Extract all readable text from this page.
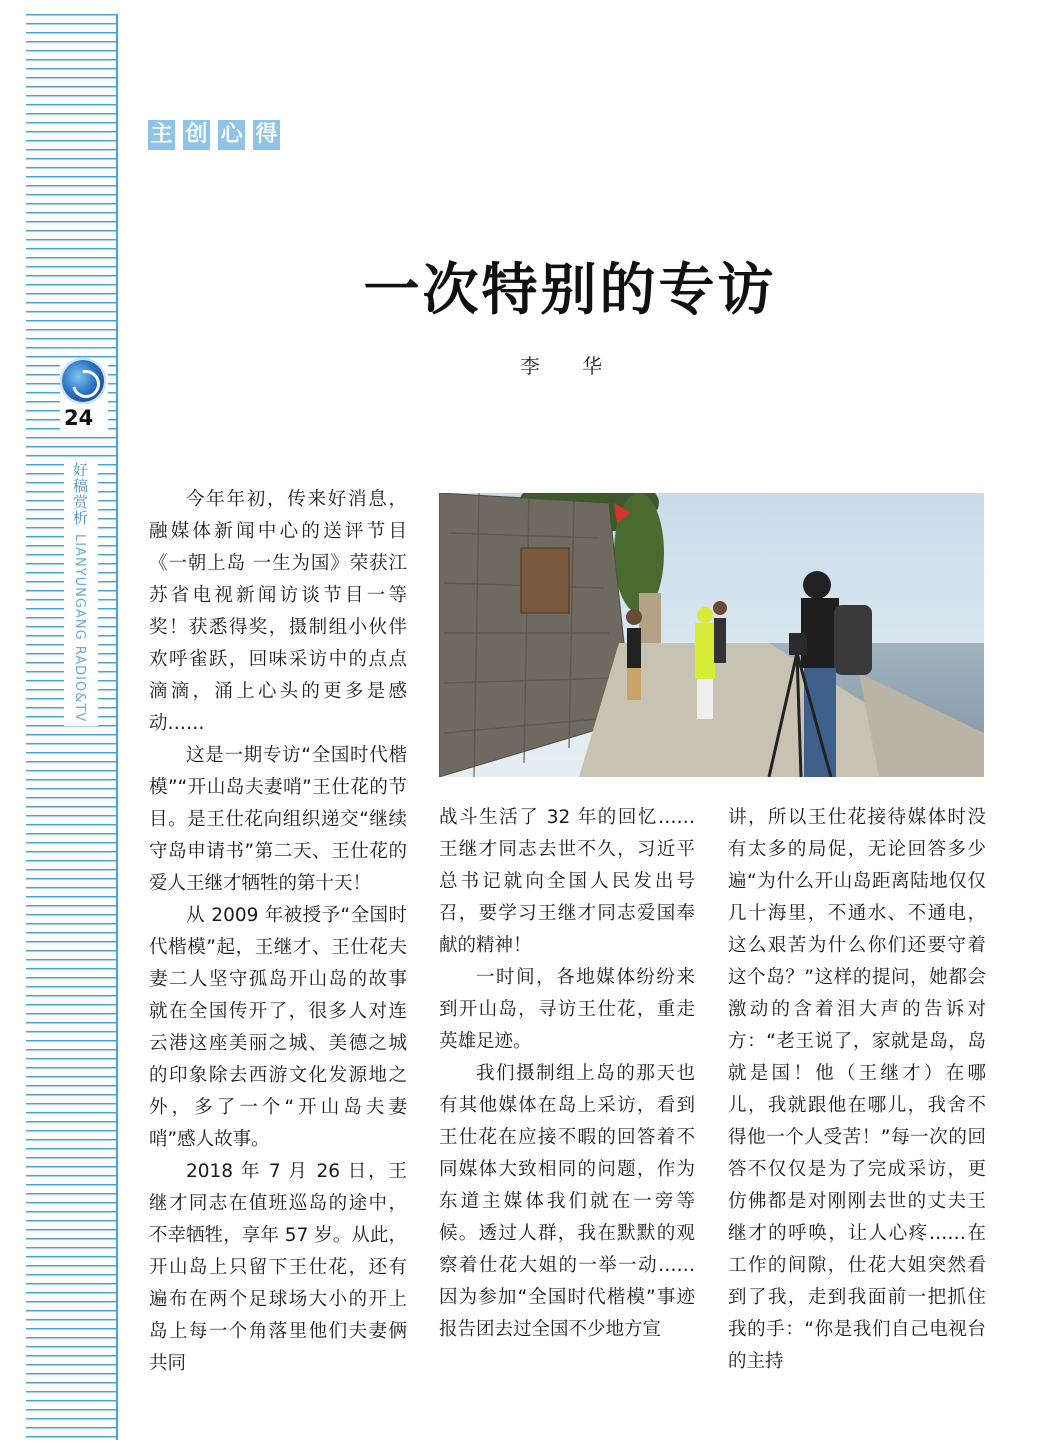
24
好稿赏析
LIANYUNGANG RADIO&TV
主 创 心 得
一次特别的专访
李 华

今年年初，传来好消息，融媒体新闻中心的送评节目《一朝上岛 一生为国》荣获江苏省电视新闻访谈节目一等奖！获悉得奖，摄制组小伙伴欢呼雀跃，回味采访中的点点滴滴，涌上心头的更多是感动……

这是一期专访“全国时代楷模”“开山岛夫妻哨”王仕花的节目。是王仕花向组织递交“继续守岛申请书”第二天、王仕花的爱人王继才牺牲的第十天！

从 2009 年被授予“全国时代楷模”起，王继才、王仕花夫妻二人坚守孤岛开山岛的故事就在全国传开了，很多人对连云港这座美丽之城、美德之城的印象除去西游文化发源地之外，多了一个“开山岛夫妻哨”感人故事。

2018 年 7 月 26 日，王继才同志在值班巡岛的途中，不幸牺牲，享年 57 岁。从此，开山岛上只留下王仕花，还有遍布在两个足球场大小的开上岛上每一个角落里他们夫妻俩共同

战斗生活了 32 年的回忆……王继才同志去世不久，习近平总书记就向全国人民发出号召，要学习王继才同志爱国奉献的精神！

一时间，各地媒体纷纷来到开山岛，寻访王仕花，重走英雄足迹。

我们摄制组上岛的那天也有其他媒体在岛上采访，看到王仕花在应接不暇的回答着不同媒体大致相同的问题，作为东道主媒体我们就在一旁等候。透过人群，我在默默的观察着仕花大姐的一举一动……因为参加“全国时代楷模”事迹报告团去过全国不少地方宣

讲，所以王仕花接待媒体时没有太多的局促，无论回答多少遍“为什么开山岛距离陆地仅仅几十海里，不通水、不通电，这么艰苦为什么你们还要守着这个岛？”这样的提问，她都会激动的含着泪大声的告诉对方：“老王说了，家就是岛，岛就是国！他（王继才）在哪儿，我就跟他在哪儿，我舍不得他一个人受苦！”每一次的回答不仅仅是为了完成采访，更仿佛都是对刚刚去世的丈夫王继才的呼唤，让人心疼……在工作的间隙，仕花大姐突然看到了我，走到我面前一把抓住我的手：“你是我们自己电视台的主持
